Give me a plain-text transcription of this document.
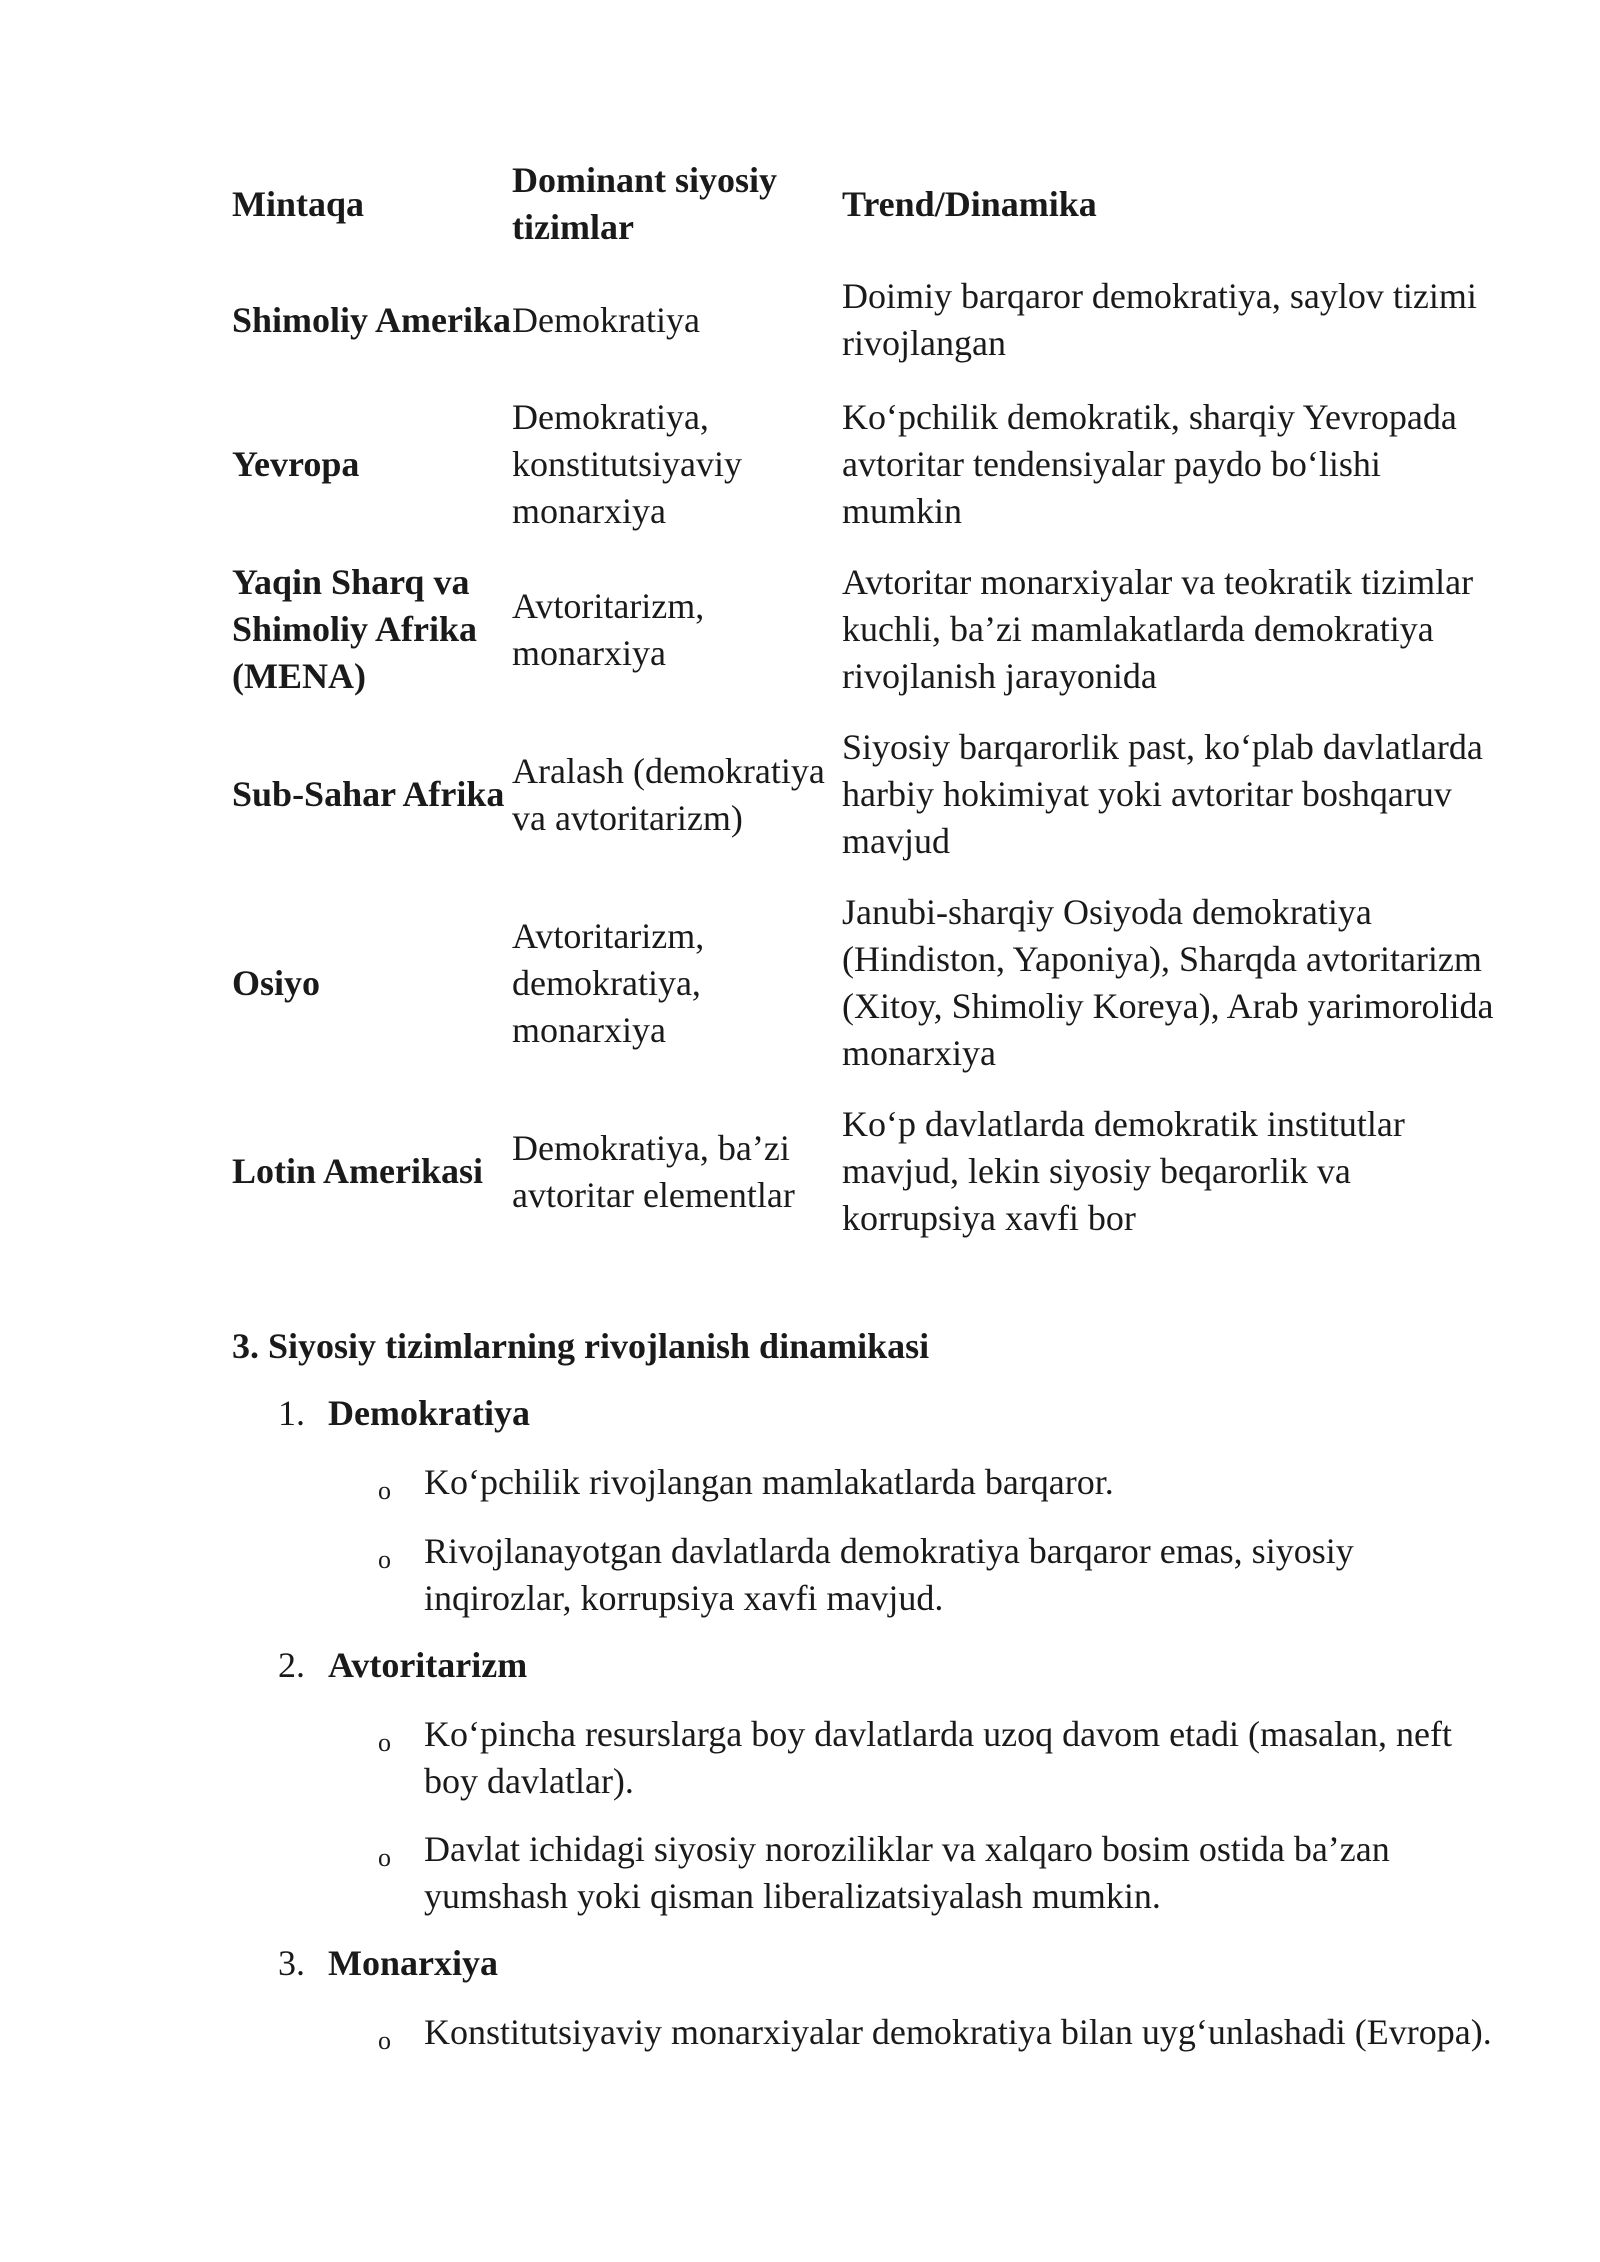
Mintaqa	Dominant siyosiy tizimlar	Trend/Dinamika
Shimoliy Amerika	Demokratiya	Doimiy barqaror demokratiya, saylov tizimi rivojlangan
Yevropa	Demokratiya, konstitutsiyaviy monarxiya	Ko‘pchilik demokratik, sharqiy Yevropada avtoritar tendensiyalar paydo bo‘lishi mumkin
Yaqin Sharq va Shimoliy Afrika (MENA)	Avtoritarizm, monarxiya	Avtoritar monarxiyalar va teokratik tizimlar kuchli, ba’zi mamlakatlarda demokratiya rivojlanish jarayonida
Sub-Sahar Afrika	Aralash (demokratiya va avtoritarizm)	Siyosiy barqarorlik past, ko‘plab davlatlarda harbiy hokimiyat yoki avtoritar boshqaruv mavjud
Osiyo	Avtoritarizm, demokratiya, monarxiya	Janubi-sharqiy Osiyoda demokratiya (Hindiston, Yaponiya), Sharqda avtoritarizm (Xitoy, Shimoliy Koreya), Arab yarimorolida monarxiya
Lotin Amerikasi	Demokratiya, ba’zi avtoritar elementlar	Ko‘p davlatlarda demokratik institutlar mavjud, lekin siyosiy beqarorlik va korrupsiya xavfi bor
3. Siyosiy tizimlarning rivojlanish dinamikasi
1. Demokratiya
o Ko‘pchilik rivojlangan mamlakatlarda barqaror.
o Rivojlanayotgan davlatlarda demokratiya barqaror emas, siyosiy inqirozlar, korrupsiya xavfi mavjud.
2. Avtoritarizm
o Ko‘pincha resurslarga boy davlatlarda uzoq davom etadi (masalan, neft boy davlatlar).
o Davlat ichidagi siyosiy noroziliklar va xalqaro bosim ostida ba’zan yumshash yoki qisman liberalizatsiyalash mumkin.
3. Monarxiya
o Konstitutsiyaviy monarxiyalar demokratiya bilan uyg‘unlashadi (Evropa).
